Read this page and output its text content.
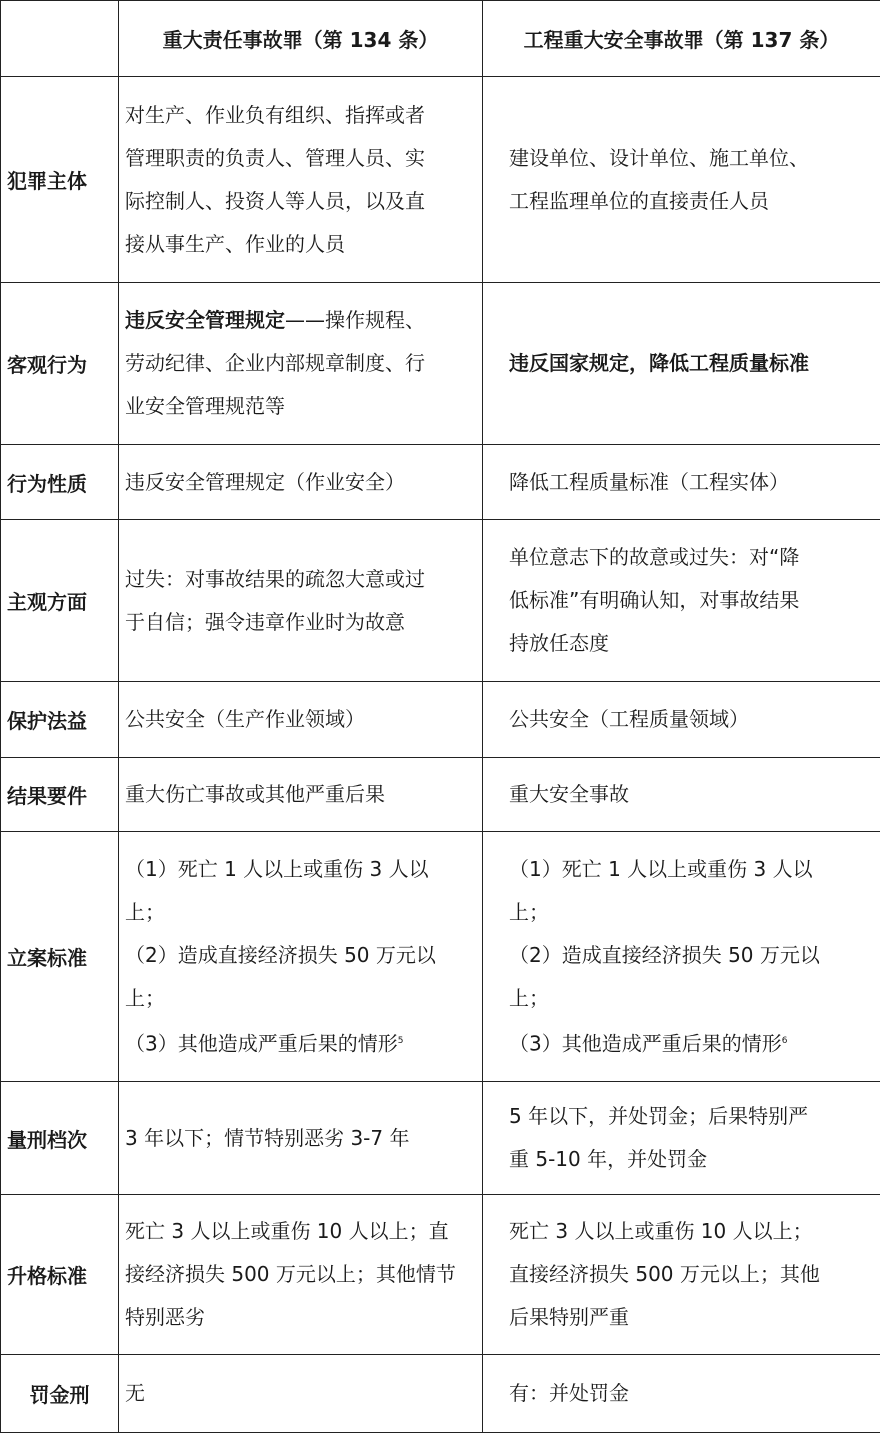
	重大责任事故罪（第 134 条）	工程重大安全事故罪（第 137 条）
犯罪主体	对生产、作业负有组织、指挥或者
管理职责的负责人、管理人员、实
际控制人、投资人等人员，以及直
接从事生产、作业的人员	建设单位、设计单位、施工单位、
工程监理单位的直接责任人员

客观行为	违反安全管理规定——操作规程、
劳动纪律、企业内部规章制度、行
业安全管理规范等	违反国家规定，降低工程质量标准

行为性质	违反安全管理规定（作业安全）	降低工程质量标准（工程实体）

主观方面	过失：对事故结果的疏忽大意或过
于自信；强令违章作业时为故意	单位意志下的故意或过失：对“降
低标准”有明确认知，对事故结果
持放任态度

保护法益	公共安全（生产作业领域）	公共安全（工程质量领域）

结果要件	重大伤亡事故或其他严重后果	重大安全事故

立案标准	（1）死亡 1 人以上或重伤 3 人以
上；
（2）造成直接经济损失 50 万元以
上；
（3）其他造成严重后果的情形$^5$	（1）死亡 1 人以上或重伤 3 人以
上；
（2）造成直接经济损失 50 万元以
上；
（3）其他造成严重后果的情形$^6$

量刑档次	3 年以下；情节特别恶劣 3-7 年	5 年以下，并处罚金；后果特别严
重 5-10 年，并处罚金

升格标准	死亡 3 人以上或重伤 10 人以上；直
接经济损失 500 万元以上；其他情节
特别恶劣	死亡 3 人以上或重伤 10 人以上；
直接经济损失 500 万元以上；其他
后果特别严重

罚金刑	无	有：并处罚金
